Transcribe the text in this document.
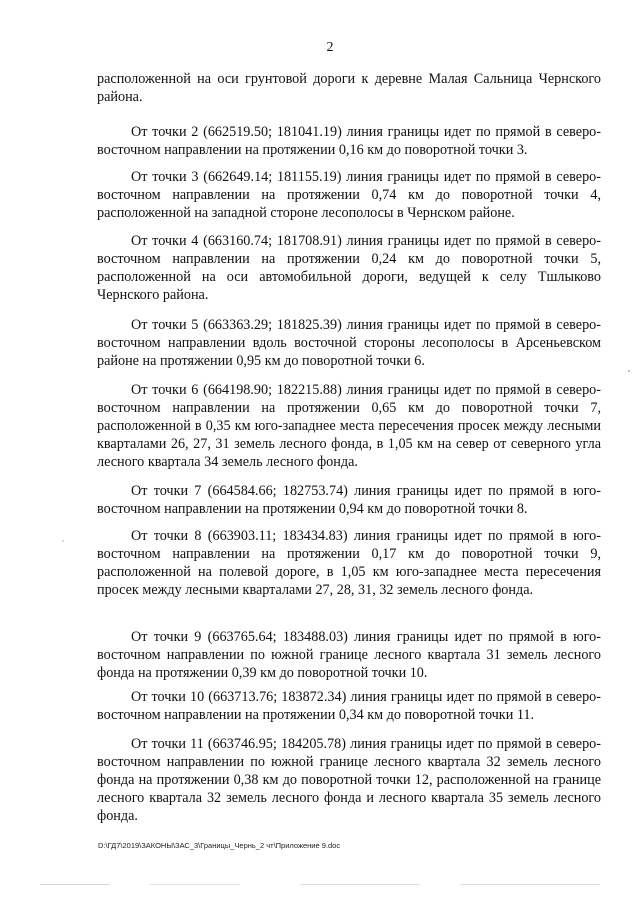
2

расположенной на оси грунтовой дороги к деревне Малая Сальница Чернского района.

От точки 2 (662519.50; 181041.19) линия границы идет по прямой в северо-восточном направлении на протяжении 0,16 км до поворотной точки 3.

От точки 3 (662649.14; 181155.19) линия границы идет по прямой в северо-восточном направлении на протяжении 0,74 км до поворотной точки 4, расположенной на западной стороне лесополосы в Чернском районе.

От точки 4 (663160.74; 181708.91) линия границы идет по прямой в северо-восточном направлении на протяжении 0,24 км до поворотной точки 5, расположенной на оси автомобильной дороги, ведущей к селу Тшлыково Чернского района.

От точки 5 (663363.29; 181825.39) линия границы идет по прямой в северо-восточном направлении вдоль восточной стороны лесополосы в Арсеньевском районе на протяжении 0,95 км до поворотной точки 6.

От точки 6 (664198.90; 182215.88) линия границы идет по прямой в северо-восточном направлении на протяжении 0,65 км до поворотной точки 7, расположенной в 0,35 км юго-западнее места пересечения просек между лесными кварталами 26, 27, 31 земель лесного фонда, в 1,05 км на север от северного угла лесного квартала 34 земель лесного фонда.

От точки 7 (664584.66; 182753.74) линия границы идет по прямой в юго-восточном направлении на протяжении 0,94 км до поворотной точки 8.

От точки 8 (663903.11; 183434.83) линия границы идет по прямой в юго-восточном направлении на протяжении 0,17 км до поворотной точки 9, расположенной на полевой дороге, в 1,05 км юго-западнее места пересечения просек между лесными кварталами 27, 28, 31, 32 земель лесного фонда.

От точки 9 (663765.64; 183488.03) линия границы идет по прямой в юго-восточном направлении по южной границе лесного квартала 31 земель лесного фонда на протяжении 0,39 км до поворотной точки 10.

От точки 10 (663713.76; 183872.34) линия границы идет по прямой в северо-восточном направлении на протяжении 0,34 км до поворотной точки 11.

От точки 11 (663746.95; 184205.78) линия границы идет по прямой в северо-восточном направлении по южной границе лесного квартала 32 земель лесного фонда на протяжении 0,38 км до поворотной точки 12, расположенной на границе лесного квартала 32 земель лесного фонда и лесного квартала 35 земель лесного фонда.

D:\ГД7\2019\ЗАКОНЫ\ЗАС_3\Границы_Чернь_2 чт\Приложение 9.doc
